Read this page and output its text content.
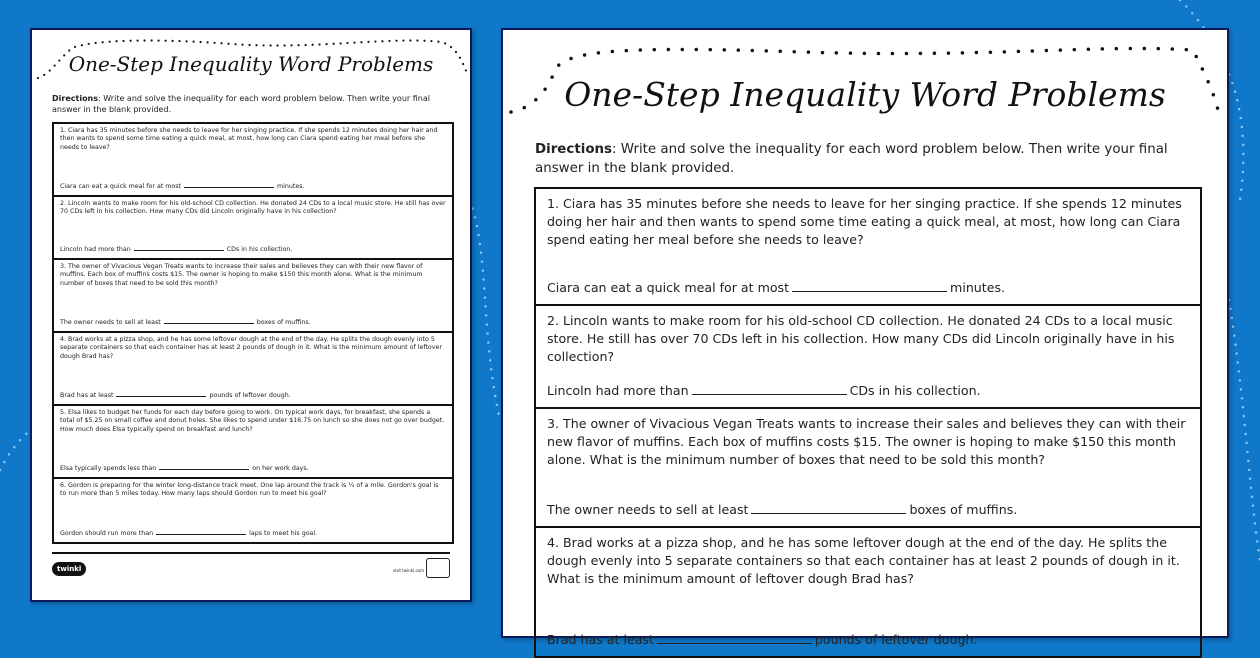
One-Step Inequality Word Problems
Directions: Write and solve the inequality for each word problem below. Then write your final answer in the blank provided.
1. Ciara has 35 minutes before she needs to leave for her singing practice. If she spends 12 minutes doing her hair and then wants to spend some time eating a quick meal, at most, how long can Ciara spend eating her meal before she needs to leave?
Ciara can eat a quick meal for at most	minutes.
2. Lincoln wants to make room for his old-school CD collection. He donated 24 CDs to a local music store. He still has over 70 CDs left in his collection. How many CDs did Lincoln originally have in his collection?
Lincoln had more than	CDs in his collection.
3. The owner of Vivacious Vegan Treats wants to increase their sales and believes they can with their new flavor of muffins. Each box of muffins costs $15. The owner is hoping to make $150 this month alone. What is the minimum number of boxes that need to be sold this month?
The owner needs to sell at least	boxes of muffins.
4. Brad works at a pizza shop, and he has some leftover dough at the end of the day. He splits the dough evenly into 5 separate containers so that each container has at least 2 pounds of dough in it. What is the minimum amount of leftover dough Brad has?
Brad has at least	pounds of leftover dough.
5. Elsa likes to budget her funds for each day before going to work. On typical work days, for breakfast, she spends a total of $5.25 on small coffee and donut holes. She likes to spend under $16.75 on lunch so she does not go over budget. How much does Elsa typically spend on breakfast and lunch?
Elsa typically spends less than	on her work days.
6. Gordon is preparing for the winter long-distance track meet. One lap around the track is ¼ of a mile. Gordon's goal is to run more than 5 miles today. How many laps should Gordon run to meet his goal?
Gordon should run more than	laps to meet his goal.
twinkl	visit twinkl.com
One-Step Inequality Word Problems
Directions: Write and solve the inequality for each word problem below. Then write your final answer in the blank provided.
1. Ciara has 35 minutes before she needs to leave for her singing practice. If she spends 12 minutes doing her hair and then wants to spend some time eating a quick meal, at most, how long can Ciara spend eating her meal before she needs to leave?
Ciara can eat a quick meal for at most	minutes.
2. Lincoln wants to make room for his old-school CD collection. He donated 24 CDs to a local music store. He still has over 70 CDs left in his collection. How many CDs did Lincoln originally have in his collection?
Lincoln had more than	CDs in his collection.
3. The owner of Vivacious Vegan Treats wants to increase their sales and believes they can with their new flavor of muffins. Each box of muffins costs $15. The owner is hoping to make $150 this month alone. What is the minimum number of boxes that need to be sold this month?
The owner needs to sell at least	boxes of muffins.
4. Brad works at a pizza shop, and he has some leftover dough at the end of the day. He splits the dough evenly into 5 separate containers so that each container has at least 2 pounds of dough in it. What is the minimum amount of leftover dough Brad has?
Brad has at least	pounds of leftover dough.
